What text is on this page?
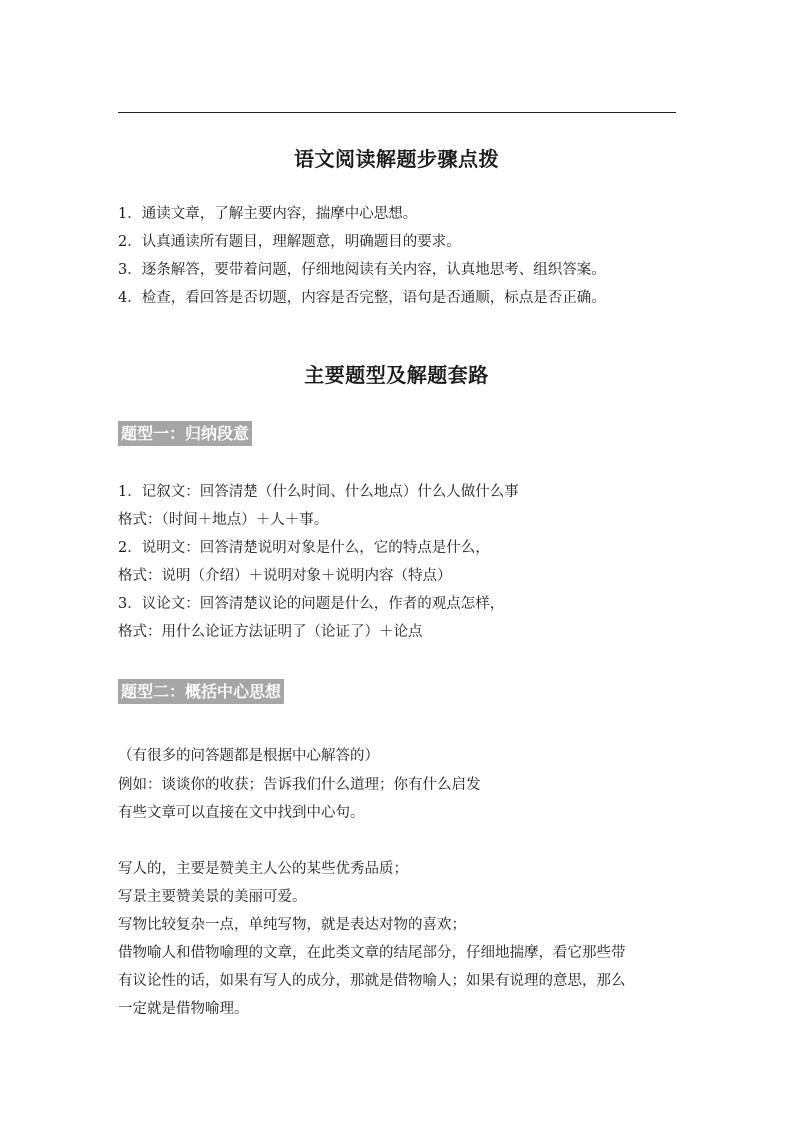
语文阅读解题步骤点拨
1．通读文章，了解主要内容，揣摩中心思想。
2．认真通读所有题目，理解题意，明确题目的要求。
3．逐条解答，要带着问题，仔细地阅读有关内容，认真地思考、组织答案。
4．检查，看回答是否切题，内容是否完整，语句是否通顺，标点是否正确。
主要题型及解题套路
题型一：归纳段意
1．记叙文：回答清楚（什么时间、什么地点）什么人做什么事
格式：（时间＋地点）＋人＋事。
2．说明文：回答清楚说明对象是什么，它的特点是什么，
格式：说明（介绍）＋说明对象＋说明内容（特点）
3．议论文：回答清楚议论的问题是什么，作者的观点怎样，
格式：用什么论证方法证明了（论证了）＋论点
题型二：概括中心思想
（有很多的问答题都是根据中心解答的）
例如：谈谈你的收获；告诉我们什么道理；你有什么启发
有些文章可以直接在文中找到中心句。
写人的，主要是赞美主人公的某些优秀品质；
写景主要赞美景的美丽可爱。
写物比较复杂一点，单纯写物，就是表达对物的喜欢；
借物喻人和借物喻理的文章，在此类文章的结尾部分，仔细地揣摩，看它那些带
有议论性的话，如果有写人的成分，那就是借物喻人；如果有说理的意思，那么
一定就是借物喻理。
